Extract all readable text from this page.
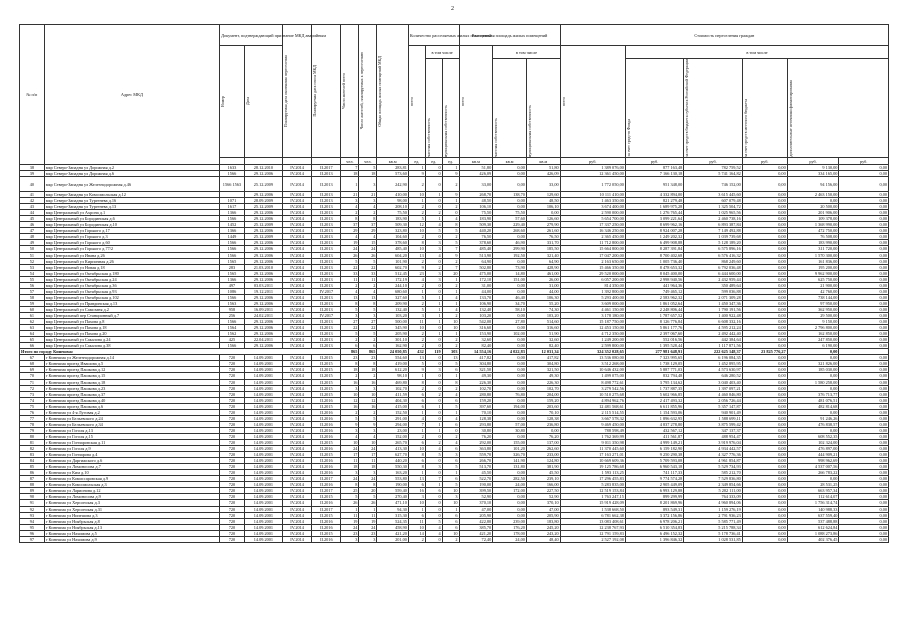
2
№ п/п	Адрес МКД	Документ, подтверждающий признание МКД аварийным		Планируемая дата окончания переселения	Планируемая дата сноса МКД	Число жителей всего	Число жителей, планируемых к переселению	Общая площадь жилых помещений МКД	Количество расселяемых жилых помещений			Расселяемая площадь жилых помещений			Стоимость переселения граждан					

		Номер	Дата						всего	в том числе		всего	в том числе		всего	в том числе				

										частная собственность	муниципальная собственность		частная собственность	муниципальная собственность		за счет средств Фонда	за счет средств бюджета субъекта Российской Федерации	за счет средств местного бюджета	дополнительные источники финансирования	

						чел.	чел.	кв.м	ед.	ед.	ед.	кв.м	кв.м	кв.м	руб.	руб.	руб.	руб.	руб.	руб.
38	мкр Северо-Западня ул Дорожная д.2	1633	28.12.2010	IV.2014	II.2017	7	5	283,81	1	0	1	51,80	0,00	51,80	1 389 076,00	877 163,48	782 759,52	0,00	9 130,00	0,00
39	мкр Северо-Западня ул Дорожная д.6	1566	29.12.2006	IV.2014	II.2013	18	18	573,60	9	0	9	426,09	0,00	426,09	12 361 450,00	7 166 130,18	5 741 164,82	0,00	334 165,00	0,00
40	мкр Северо-Западня ул Железнодорожная д.46	1566 1563	25.12.2009	IV.2014	II.2013	1	3	242,90	2	0	2	33,00	0,00	33,00	1 772 050,00	951 348,00	746 152,00	0,00	94 156,00	0,00
41	мкр Северо-Западня ул Комсомольская д.12		29.12.2006	IV.2014	II.2013	21	21	410,00	10	1	9	268,70	138,70	129,60	10 111 410,00	4 332 894,00	3 615 445,60	0,00	2 463 150,00	0,00
42	мкр Северо-Западня ул Тургенева д.16	1071	28.09.2009	IV.2014	II.2013	3	3	98,00	1	0	1	48,50	0,00	48,50	1 463 350,00	821 279,48	607 079,48	0,00	0,00	0,00
43	мкр Северо-Западня ул Тургенева д.13	1617	25.12.2009	IV.2014	II.2013	4	4	208,10	2	0	2	106,10	0,00	106,10	3 674 400,00	1 689 975,28	1 325 504,72	0,00	20 500,00	0,00
44	мкр Центральный ул Ахрона д.1	1366	29.12.2006	IV.2014	II.2013	2	2	75,50	2	2	0	75,50	75,50	0,00	2 590 000,00	1 276 765,44	1 025 965,56	0,00	201 906,00	0,00
45	мкр Центральный ул Бородинская д.6	1566	29.12.2006	IV.2014	II.2013	8	8	183,90	5	1	4	183,90	57,60	126,60	5 654 700,00	3 099 221,64	2 460 738,16	0,00	109 378,00	0,00
46	мкр Центральный ул Бородинская д.10	1452	25.12.2009	IV.2014	II.2013	37	37	509,30	12	4	8	509,30	229,40	279,90	17 337 250,00	8 699 962,16	6 893 387,84	0,00	1 368 990,00	0,00
47	мкр Центральный ул Горького д.17	1366	29.12.2006	IV.2014	II.2013	29	29	323,80	10	5	5	440,20	268,60	261,60	16 346 250,00	8 924 007,28	7 149 492,88	0,00	472 750,00	0,00
48	мкр Центральный ул Горького д.3	1449	25.12.2009	IV.2014	II.2013	4	4	104,60	2	0	2	76,50	0,00	76,50	2 365 450,00	1 249 202,32	1 039 739,68	0,00	76 508,00	0,00
49	мкр Центральный ул Горького д.60	1566	29.12.2006	IV.2014	II.2013	19	15	378,60	8	3	5	378,60	46,90	331,70	11 712 800,00	6 499 908,88	5 128 189,20	0,00	183 990,00	0,00
50	мкр Центральный ул Горького д.77/2	1566	29.12.2006	IV.2014	II.2013	24	24	485,40	10	3	7	485,40	299,90	185,50	15 664 800,00	8 287 391,84	6 575 896,16	0,00	311 720,00	0,00
51	мкр Центральный ул Ивана д.26	1566	29.12.2006	IV.2014	II.2013	26	26	604,20	13	4	9	513,90	192,50	321,40	17 047 200,00	8 700 402,68	6 576 416,32	0,00	1 570 300,00	0,00
52	мкр Центральный ул Кирпичная д.26	1565	29.12.2006	IV.2014	II.2013	5	5	101,90	2	0	2	64,90	0,00	64,90	2 163 650,00	1 005 736,40	868 249,60	0,00	161 836,00	0,00
53	мкр Центральный ул Новая д.18	283	21.03.2010	IV.2014	II.2013	22	22	602,70	9	2	7	502,80	73,90	428,90	15 466 350,00	8 478 653,32	6 792 036,48	0,00	195 200,00	0,00
54	мкр Центральный ул Октябрьская д.180	1565	29.12.2006	IV.2014	II.2013	33	33	512,45	23	3	20	475,00	14,80	461,00	29 520 000,00	8 045 400,00	6 444 600,00	0,00	9 962 900,00	0,00
55	мкр Центральный ул Октябрьская д.24	1366	29.12.2006	IV.2014	II.2013	11	11	172,19	4	3	1	172,10	151,00	26,00	6 057 200,00	2 998 940,56	2 432 959,44	0,00	625 750,00	0,00
56	мкр Центральный ул Октябрьская д.36	497	03.03.2011	IV.2014	II.2013	2	2	244,10	2	0	2	31,00	0,00	31,00	814 350,00	441 964,36	350 489,64	0,00	21 900,00	0,00
57	мкр Центральный ул Октябрьская д.93	1086	19.12.2011	IV.2014	IV.2017	4	4	680,60	1	0	1	44,00	0,00	44,00	1 392 800,00	749 465,12	599 036,88	0,00	42 760,00	0,00
58	мкр Центральный ул Октябрьская д.102	1566	29.12.2006	IV.2014	II.2013	13	13	327,60	5	1	4	133,70	46,40	106,30	5 293 400,00	2 583 962,32	2 071 309,28	0,00	738 144,00	0,00
59	мкр Центральный ул Правдинская д.13	1563	29.12.2006	IV.2014	II.2013	8	8	209,90	2	1	1	106,90	34,70	55,20	3 609 000,00	1 861 052,64	1 450 347,36	0,00	97 950,00	0,00
60	мкр Центральный ул Самозаня д.2	958	16.09.2011	IV.2014	II.2013	5	5	132,40	5	1	4	132,40	58,10	74,30	4 461 150,00	2 248 806,44	1 790 191,56	0,00	362 950,00	0,00
61	мкр Центральный пер Станционный д.7	256	24.02.2011	IV.2014	IV.2017	3	3	103,20	3	1	2	103,20	0,00	103,20	3 178 180,00	1 787 657,52	1 400 922,48	0,00	29 500,00	0,00
62	мкр Центральный ул Пахова д.8	1566	29.12.2006	IV.2014	II.2013	27	27	500,00	11	1	10	542,00	27,80	514,60	15 187 750,00	8 126 776,84	6 608 332,16	0,00	9 150,00	0,00
63	мкр Центральный ул Пахова д.18	1564	29.12.2006	IV.2014	II.2013	22	22	345,90	10	0	10	316,60	0,00	316,60	12 453 150,00	5 861 177,76	4 595 212,24	0,00	2 796 800,00	0,00
64	мкр Центральный ул Пахова д.20	1562	29.12.2006	IV.2014	II.2013	5	5	205,90	2	1	1	153,90	102,00	51,90	4 712 350,00	2 397 067,60	2 492 442,40	0,00	162 850,00	0,00
65	мкр Центральный ул Сакалова д.24	425	22.04.2011	IV.2014	II.2013	2	2	301,10	2	0	2	32,60	0,00	32,60	1 249 200,00	552 016,56	442 384,64	0,00	247 850,00	0,00
66	мкр Центральный ул Сакалова д.38	1566	29.12.2006	IV.2014	II.2013	6	6	162,90	2	0	2	82,40	0,00	82,40	2 599 800,00	1 395 528,44	1 117 871,56	0,00	6 190,00	0,00
Итого по городу Кинешма:						865	865	24 050,85	432	119	303	14 554,16	4 022,83	12 031,34	324 352 028,65	277 981 648,91	222 625 148,37	23 825 776,27	0,00	
67	г Кинешма ул Железнодорожная д.14	720	14.09.2001	IV.2014	II.2015	23	23	554,60	13	0	13	417,82	0,00	417,82	13 536 080,00	7 323 995,65	6 196 084,35	0,00	0,00	0,00
68	г Кинешма проезд Ивашова д.5	720	14.09.2001	IV.2014	II.2015	8	8	419,00	5	0	5	304,80	0,00	304,80	3 512 268,00	1 738 129,05	1 452 895,95	0,00	321 826,00	0,00
69	г Кинешма проезд Пашкова д.12	720	14.09.2001	IV.2014	II.2015	18	18	612,20	9	3	6	321,50	0,00	321,50	10 646 432,00	5 887 771,03	4 573 630,97	0,00	185 030,00	0,00
70	г Кинешма проезд Пашкова д.15	720	14.09.2001	IV.2014	II.2015	2	2	98,10	1	0	1	49,30	0,00	49,30	1 499 075,00	832 794,48	646 280,52	0,00	0,00	0,00
71	г Кинешма проезд Пашкова д.18	720	14.09.2001	IV.2014	II.2015	16	16	469,80	8	0	8	226,30	0,00	226,30	8 498 772,61	3 795 134,62	3 040 403,40	0,00	1 580 258,00	0,00
72	г Кинешма проезд Пашкова д.23	720	14.09.2001	IV.2014	II.2015	3	3	102,70	2	0	2	102,70	0,00	102,70	3 279 542,56	1 737 887,35	1 397 097,21	0,00	0,00	0,00
73	г Кинешма проезд Пашкова д.37	720	14.09.2001	IV.2014	II.2015	10	10	411,59	6	2	4	280,80	76,80	204,00	10 510 275,68	5 602 966,85	4 460 846,80	0,00	376 713,77	0,00
74	г Кинешма проезд Пашкова д.40	720	14.09.2001	IV.2014	II.2016	12	12	404,30	6	0	6	159,20	0,00	159,20	4 894 962,76	2 417 493,32	2 056 726,44	0,00	481 076,51	0,00
75	г Кинешма проезд Пашкова д.6	720	14.09.2001	IV.2014	II.2015	16	16	415,00	6	1	5	397,60	194,00	203,60	12 481 568,61	6 611 855,96	5 357 147,87	0,00	482 814,68	0,00
76	г Кинешма ул 4-я Луговая д.2	720	14.09.2001	IV.2014	II.2016	2	2	152,50	1	0	1	70,10	0,00	70,10	2 115 514,55	1 154 593,06	940 901,49	0,00	0,00	0,00
77	г Кинешма ул Бельевского д.24	720	14.09.2001	IV.2014	II.2016	5	5	291,00	4	0	4	128,38	0,00	128,38	3 667 578,32	1 896 632,95	1 588 699,11	0,00	91 246,26	0,00
78	г Кинешма ул Бельевского д.34	720	14.09.2001	IV.2014	II.2016	9	9	294,00	7	1	6	293,80	57,00	236,80	9 469 450,00	4 837 278,80	3 875 599,42	0,00	476 838,57	0,00
79	г Кинешма ул Гоголя д.13	720	14.09.2001	IV.2014	II.2016	3	3	23,00	1	1	0	30,80	30,80	0,00	788 598,49	432 567,12	347 137,37	0,00	0,00	0,00
80	г Кинешма ул Гоголя д.15	720	14.09.2001	IV.2014	II.2016	4	4	152,00	2	0	2	76,20	0,00	76,20	1 762 369,99	411 561,87	488 954,47	0,00	608 552,35	0,00
81	г Кинешма ул Гончаровская д.11	720	14.09.2001	IV.2014	II.2015	10	10	265,70	6	2	4	292,00	155,00	137,00	9 011 350,98	4 999 149,21	3 919 976,04	0,00	102 324,00	0,00
82	г Кинешма ул Гоголя д.9	720	14.09.2001	IV.2014	II.2016	24	24	413,30	10	4	6	363,80	101,20	262,60	11 370 445,60	6 159 182,90	4 934 442,57	0,00	476 897,00	0,00
83	г Кинешма ул Гончарова д.4	720	14.09.2001	IV.2014	II.2015	17	17	627,70	8	5	3	559,70	326,70	233,00	17 163 271,01	9 250 290,38	4 327 776,36	0,00	444 909,21	0,00
84	г Кинешма ул Даргижского д.6	720	14.09.2001	IV.2014	II.2016	11	11	440,20	6	0	6	266,70	141,90	124,80	10 669 609,36	5 709 593,08	4 961 854,87	0,00	998 962,69	0,00
85	г Кинешма ул Ломоносова д.7	720	14.09.2001	IV.2014	II.2016	18	18	550,30	8	3	5	513,70	131,80	381,90	19 125 786,68	6 960 543,18	5 529 734,93	0,00	4 537 007,56	0,00
86	г Кинешма ул Ким д.10	720	14.09.2001	IV.2014	II.2016	3	3	163,20	1	0	1	45,50	0,00	45,50	1 593 113,25	741 117,33	585 212,70	0,00	266 783,22	0,00
87	г Кинешма ул Комиссаровская д.9	720	14.09.2001	IV.2014	II.2017	24	24	553,80	13	7	6	522,70	282,50	239,10	17 296 455,83	9 774 574,28	7 529 836,80	0,00	0,00	0,00
88	г Кинешма ул Комсомольская д.3	720	14.09.2001	IV.2014	II.2016	8	8	190,00	6	1	5	190,00	24,00	166,00	5 283 835,00	2 905 449,09	2 349 854,66	0,00	28 531,25	0,00
89	г Кинешма ул Ларионова д.12	720	14.09.2001	IV.2014	II.2017	25	20	559,40	16	6	10	399,50	172,00	227,50	12 519 153,84	6 993 129,88	5 202 111,00	0,00	663 957,34	0,00
90	г Кинешма ул Ломоносова д.9	720	14.09.2001	IV.2014	II.2015	5	5	270,40	3	0	3	52,90	0,00	52,90	1 763 247,15	899 299,99	764 333,09	0,00	112 614,07	0,00
91	г Кинешма ул Херсонская д.3	720	14.09.2001	IV.2014	II.2016	26	26	471,10	10	0	10	370,10	0,00	370,10	15 919 428,09	8 201 869,96	4 960 894,06	0,00	1 756 314,74	0,00
92	г Кинешма ул Херсонская д.31	720	14.09.2001	IV.2014	II.2017	1	1	94,30	1	0	1	47,00	0,00	47,00	1 538 668,50	893 549,31	1 159 276,19	0,00	140 988,33	0,00
93	г Кинешма ул Нипешова д.3	720	14.09.2001	IV.2014	II.2015	11	11	315,30	6	0	6	205,90	0,00	205,90	6 781 662,38	3 372 156,86	2 791 936,23	0,00	637 559,40	0,00
94	г Кинешма ул Ноябрьская д.8	720	14.09.2001	IV.2014	II.2016	19	19	524,35	11	5	6	422,80	239,00	183,80	13 083 408,61	6 978 206,21	5 585 771,49	0,00	537 488,88	0,00
95	г Кинешма ул Ноябрьская д.13	720	14.09.2001	IV.2014	II.2016	24	24	458,90	10	4	6	385,70	176,20	245,20	12 238 767,93	6 510 354,83	5 215 788,34	0,00	612 624,84	0,00
96	г Кинешма ул Нахимова д.5	720	14.09.2001	IV.2014	II.2015	23	23	421,20	14	4	10	421,20	178,00	243,20	12 791 159,83	6 496 152,32	5 178 736,41	0,00	1 088 273,86	0,00
97	г Кинешма ул Нахимова д.9	720	14.09.2001	IV.2014	II.2016	3	3	201,00	2	0	2	72,40	24,00	48,40	2 527 192,08	1 396 846,32	1 028 531,85	0,00	402 376,45	0,00
